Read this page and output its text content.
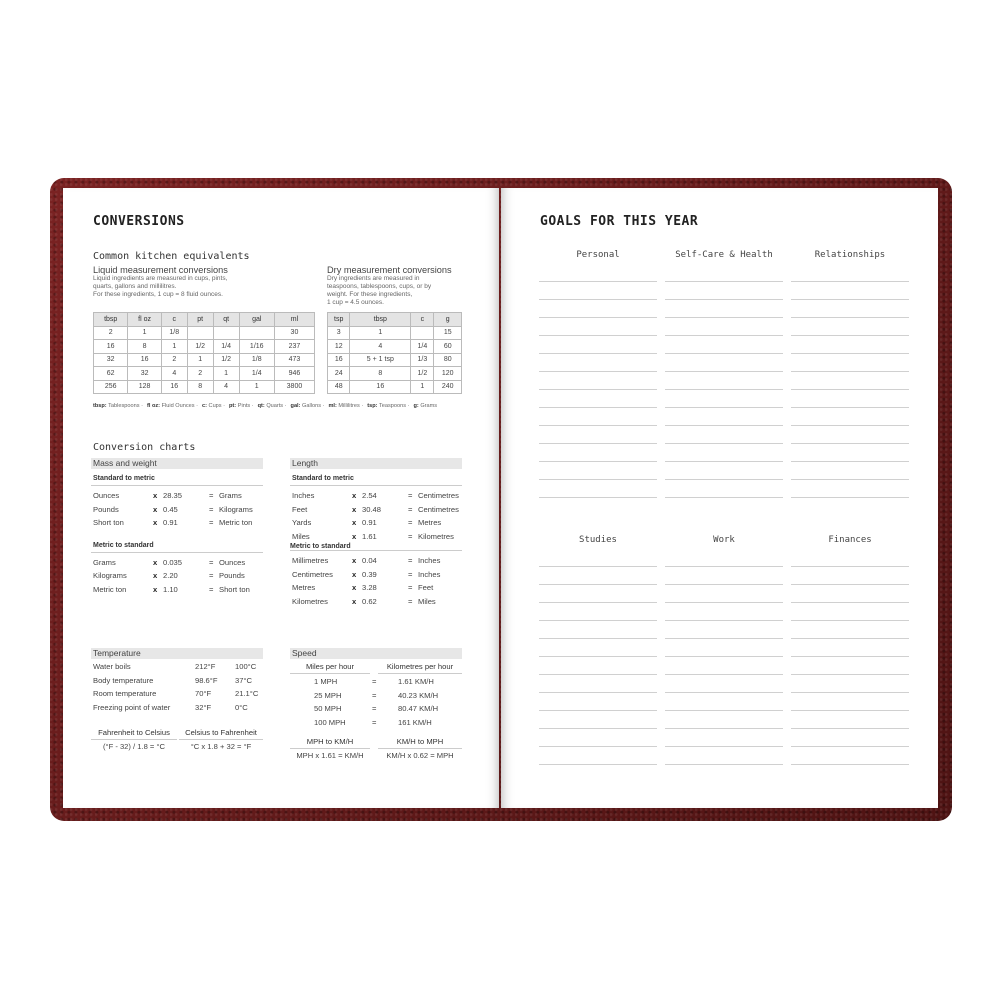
CONVERSIONS
Common kitchen equivalents
Liquid measurement conversions
Liquid ingredients are measured in cups, pints,
quarts, gallons and millilitres.
For these ingredients, 1 cup = 8 fluid ounces.
tbsp	fl oz	c	pt	qt	gal	ml
2	1	1/8				30
16	8	1	1/2	1/4	1/16	237
32	16	2	1	1/2	1/8	473
62	32	4	2	1	1/4	946
256	128	16	8	4	1	3800
Dry measurement conversions
Dry ingredients are measured in
teaspoons, tablespoons, cups, or by
weight. For these ingredients,
1 cup = 4.5 ounces.
tsp	tbsp	c	g
3	1		15
12	4	1/4	60
16	5 + 1 tsp	1/3	80
24	8	1/2	120
48	16	1	240
tbsp: Tablespoons · fl oz: Fluid Ounces · c: Cups · pt: Pints · qt: Quarts · gal: Gallons · ml: Millilitres · tsp: Teaspoons · g: Grams
Conversion charts
Mass and weight
Standard to metric
Ounces	x 28.35	= Grams
Pounds	x 0.45	= Kilograms
Short ton	x 0.91	= Metric ton
Metric to standard
Grams	x 0.035	= Ounces
Kilograms	x 2.20	= Pounds
Metric ton	x 1.10	= Short ton
Length
Standard to metric
Inches	x 2.54	= Centimetres
Feet	x 30.48	= Centimetres
Yards	x 0.91	= Metres
Miles	x 1.61	= Kilometres
Metric to standard
Millimetres	x 0.04	= Inches
Centimetres	x 0.39	= Inches
Metres	x 3.28	= Feet
Kilometres	x 0.62	= Miles
Temperature
Water boils	212°F	100°C
Body temperature	98.6°F 37°C
Room temperature	70°F	21.1°C
Freezing point of water	32°F	0°C
Fahrenheit to Celsius	Celsius to Fahrenheit
(°F - 32) / 1.8 = °C	°C x 1.8 + 32 = °F
Speed
Miles per hour	Kilometres per hour
1 MPH	=	1.61 KM/H
25 MPH	=	40.23 KM/H
50 MPH	=	80.47 KM/H
100 MPH	=	161 KM/H
MPH to KM/H	KM/H to MPH
MPH x 1.61 = KM/H	KM/H x 0.62 = MPH
GOALS FOR THIS YEAR
Personal	Self-Care & Health	Relationships
Studies	Work	Finances
